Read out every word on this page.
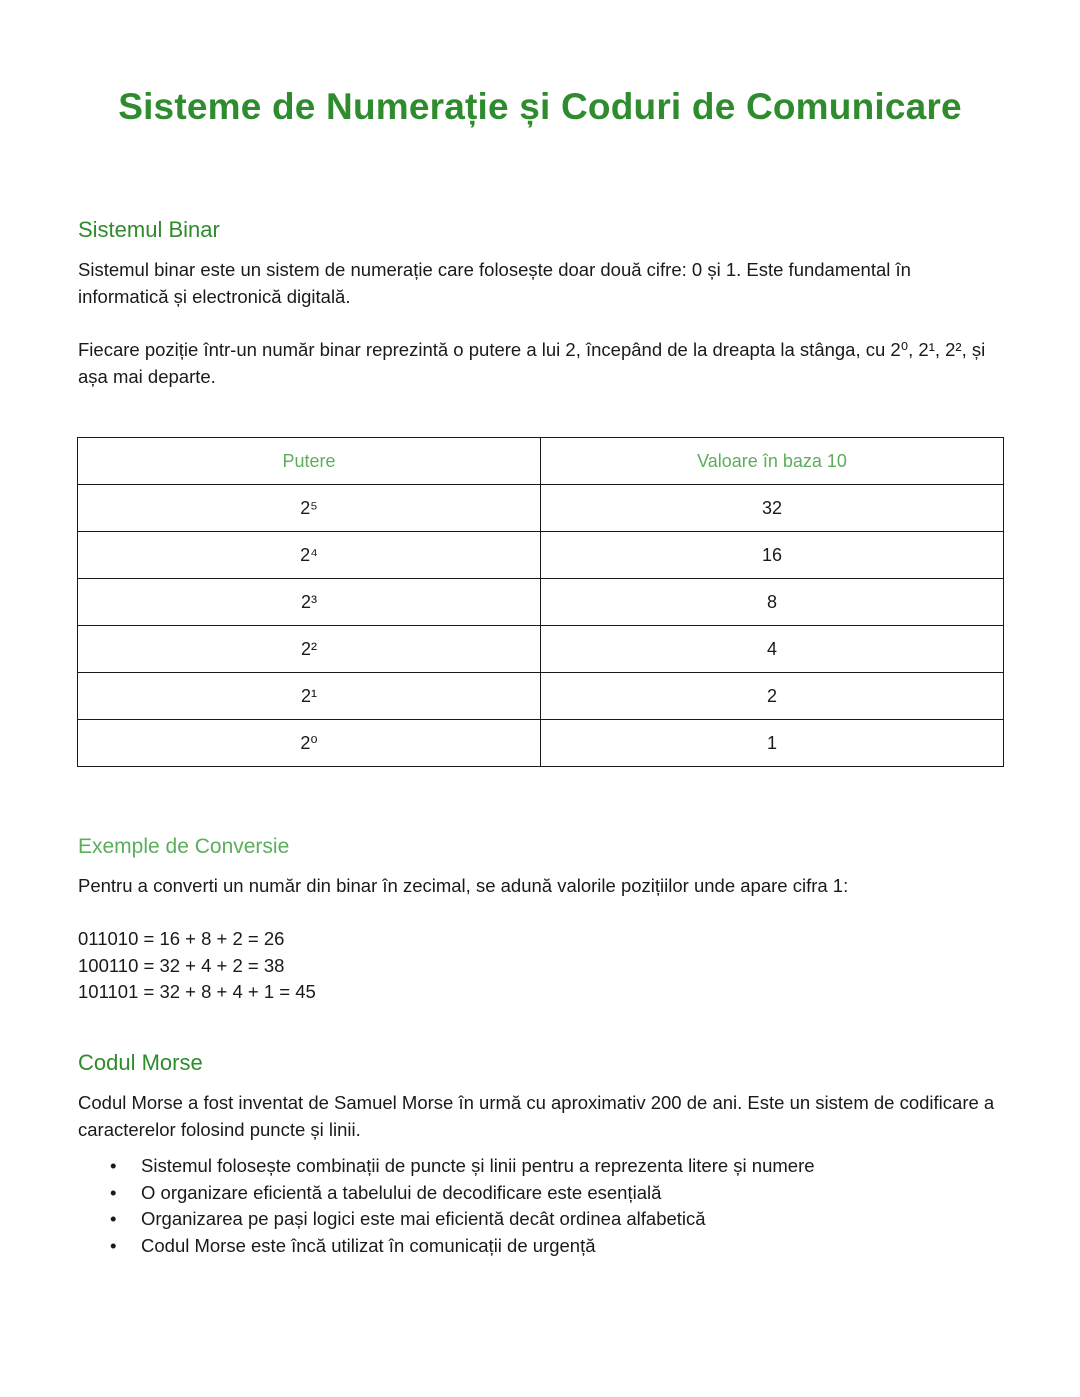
Sisteme de Numerație și Coduri de Comunicare
Sistemul Binar

Sistemul binar este un sistem de numerație care folosește doar două cifre: 0 și 1. Este fundamental în informatică și electronică digitală.

Fiecare poziție într-un număr binar reprezintă o putere a lui 2, începând de la dreapta la stânga, cu 2⁰, 2¹, 2², și așa mai departe.

Putere	Valoare în baza 10
2⁵	32
2⁴	16
2³	8
2²	4
2¹	2
2⁰	1
Exemple de Conversie

Pentru a converti un număr din binar în zecimal, se adună valorile pozițiilor unde apare cifra 1:

011010 = 16 + 8 + 2 = 26
100110 = 32 + 4 + 2 = 38
101101 = 32 + 8 + 4 + 1 = 45
Codul Morse

Codul Morse a fost inventat de Samuel Morse în urmă cu aproximativ 200 de ani. Este un sistem de codificare a caracterelor folosind puncte și linii.

• Sistemul folosește combinații de puncte și linii pentru a reprezenta litere și numere
• O organizare eficientă a tabelului de decodificare este esențială
• Organizarea pe pași logici este mai eficientă decât ordinea alfabetică
• Codul Morse este încă utilizat în comunicații de urgență
